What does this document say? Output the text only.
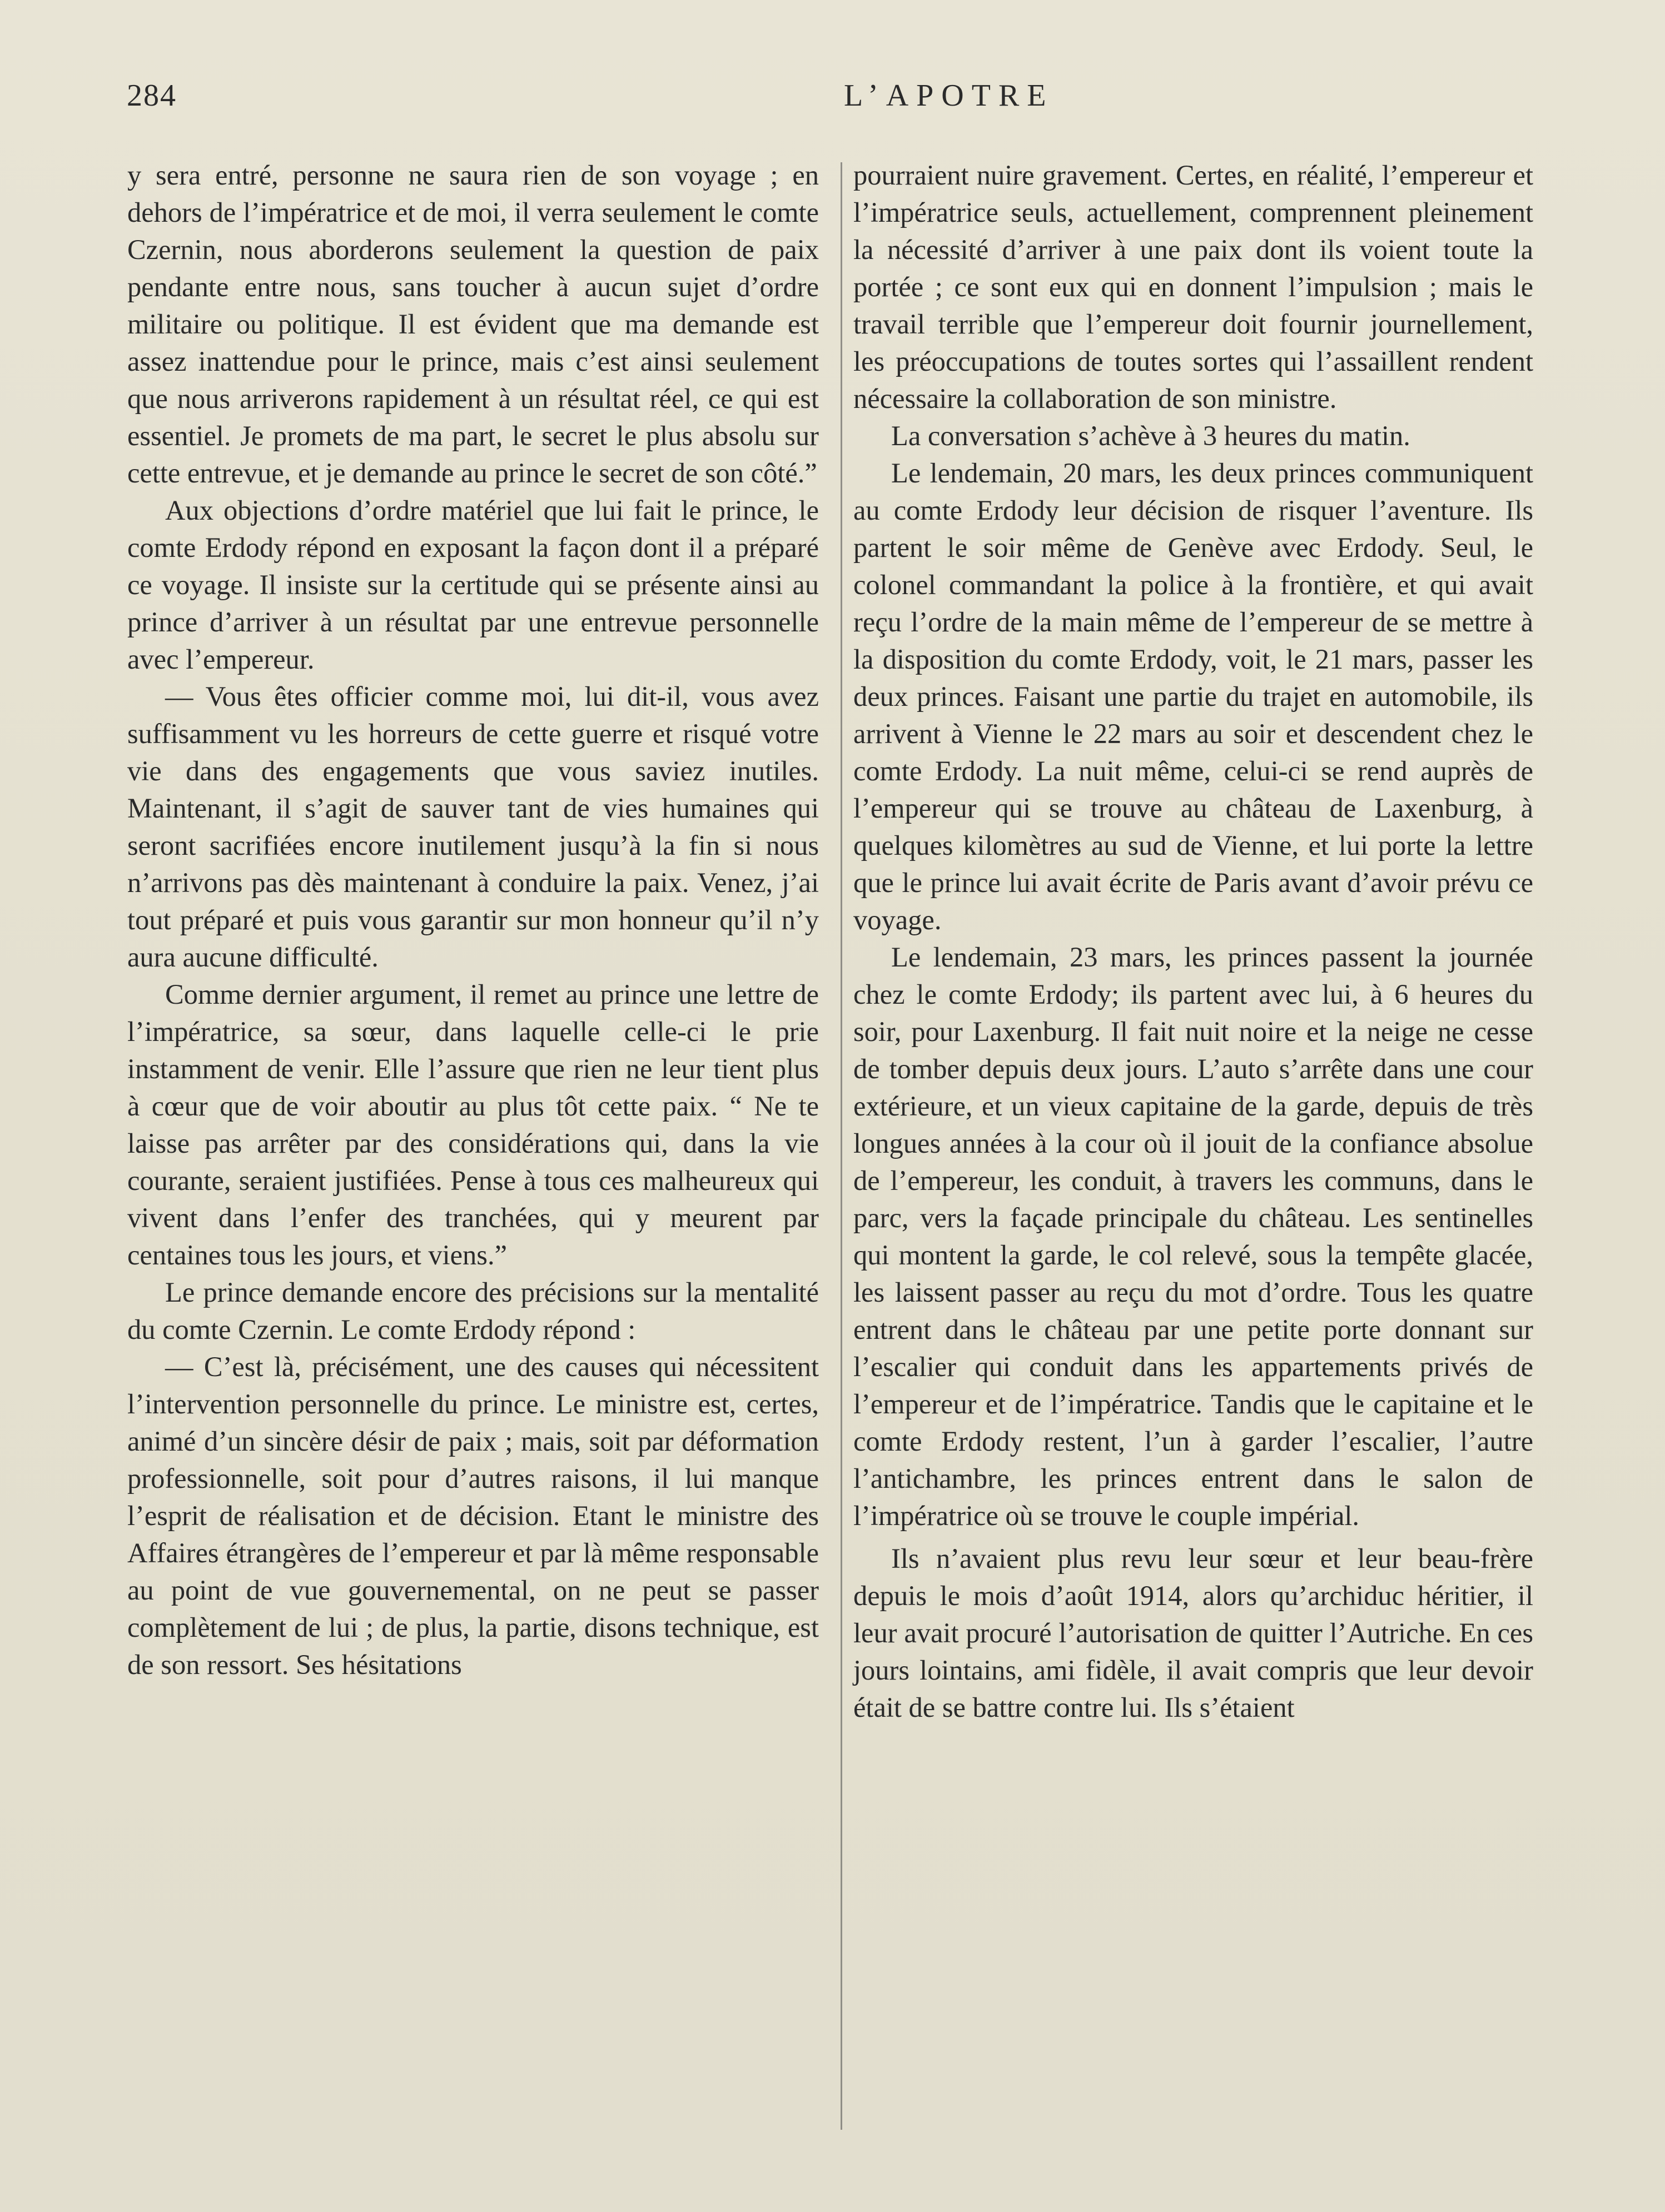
284	L’APOTRE

y sera entré, personne ne saura rien de son voyage ; en dehors de l’impératrice et de moi, il verra seulement le comte Czernin, nous aborderons seulement la question de paix pendante entre nous, sans toucher à aucun sujet d’ordre militaire ou politique. Il est évident que ma demande est assez inattendue pour le prince, mais c’est ainsi seulement que nous arriverons rapidement à un résultat réel, ce qui est essentiel. Je promets de ma part, le secret le plus absolu sur cette entrevue, et je demande au prince le secret de son côté.”

Aux objections d’ordre matériel que lui fait le prince, le comte Erdody répond en exposant la façon dont il a préparé ce voyage. Il insiste sur la certitude qui se présente ainsi au prince d’arriver à un résultat par une entrevue personnelle avec l’empereur.

— Vous êtes officier comme moi, lui dit-il, vous avez suffisamment vu les horreurs de cette guerre et risqué votre vie dans des engagements que vous saviez inutiles. Maintenant, il s’agit de sauver tant de vies humaines qui seront sacrifiées encore inutilement jusqu’à la fin si nous n’arrivons pas dès maintenant à conduire la paix. Venez, j’ai tout préparé et puis vous garantir sur mon honneur qu’il n’y aura aucune difficulté.

Comme dernier argument, il remet au prince une lettre de l’impératrice, sa sœur, dans laquelle celle-ci le prie instamment de venir. Elle l’assure que rien ne leur tient plus à cœur que de voir aboutir au plus tôt cette paix. “ Ne te laisse pas arrêter par des considérations qui, dans la vie courante, seraient justifiées. Pense à tous ces malheureux qui vivent dans l’enfer des tranchées, qui y meurent par centaines tous les jours, et viens.”

Le prince demande encore des précisions sur la mentalité du comte Czernin. Le comte Erdody répond :

— C’est là, précisément, une des causes qui nécessitent l’intervention personnelle du prince. Le ministre est, certes, animé d’un sincère désir de paix ; mais, soit par déformation professionnelle, soit pour d’autres raisons, il lui manque l’esprit de réalisation et de décision. Etant le ministre des Affaires étrangères de l’empereur et par là même responsable au point de vue gouvernemental, on ne peut se passer complètement de lui ; de plus, la partie, disons technique, est de son ressort. Ses hésitations

pourraient nuire gravement. Certes, en réalité, l’empereur et l’impératrice seuls, actuellement, comprennent pleinement la nécessité d’arriver à une paix dont ils voient toute la portée ; ce sont eux qui en donnent l’impulsion ; mais le travail terrible que l’empereur doit fournir journellement, les préoccupations de toutes sortes qui l’assaillent rendent nécessaire la collaboration de son ministre.

La conversation s’achève à 3 heures du matin.

Le lendemain, 20 mars, les deux princes communiquent au comte Erdody leur décision de risquer l’aventure. Ils partent le soir même de Genève avec Erdody. Seul, le colonel commandant la police à la frontière, et qui avait reçu l’ordre de la main même de l’empereur de se mettre à la disposition du comte Erdody, voit, le 21 mars, passer les deux princes. Faisant une partie du trajet en automobile, ils arrivent à Vienne le 22 mars au soir et descendent chez le comte Erdody. La nuit même, celui-ci se rend auprès de l’empereur qui se trouve au château de Laxenburg, à quelques kilomètres au sud de Vienne, et lui porte la lettre que le prince lui avait écrite de Paris avant d’avoir prévu ce voyage.

Le lendemain, 23 mars, les princes passent la journée chez le comte Erdody; ils partent avec lui, à 6 heures du soir, pour Laxenburg. Il fait nuit noire et la neige ne cesse de tomber depuis deux jours. L’auto s’arrête dans une cour extérieure, et un vieux capitaine de la garde, depuis de très longues années à la cour où il jouit de la confiance absolue de l’empereur, les conduit, à travers les communs, dans le parc, vers la façade principale du château. Les sentinelles qui montent la garde, le col relevé, sous la tempête glacée, les laissent passer au reçu du mot d’ordre. Tous les quatre entrent dans le château par une petite porte donnant sur l’escalier qui conduit dans les appartements privés de l’empereur et de l’impératrice. Tandis que le capitaine et le comte Erdody restent, l’un à garder l’escalier, l’autre l’antichambre, les princes entrent dans le salon de l’impératrice où se trouve le couple impérial.

Ils n’avaient plus revu leur sœur et leur beau-frère depuis le mois d’août 1914, alors qu’archiduc héritier, il leur avait procuré l’autorisation de quitter l’Autriche. En ces jours lointains, ami fidèle, il avait compris que leur devoir était de se battre contre lui. Ils s’étaient
